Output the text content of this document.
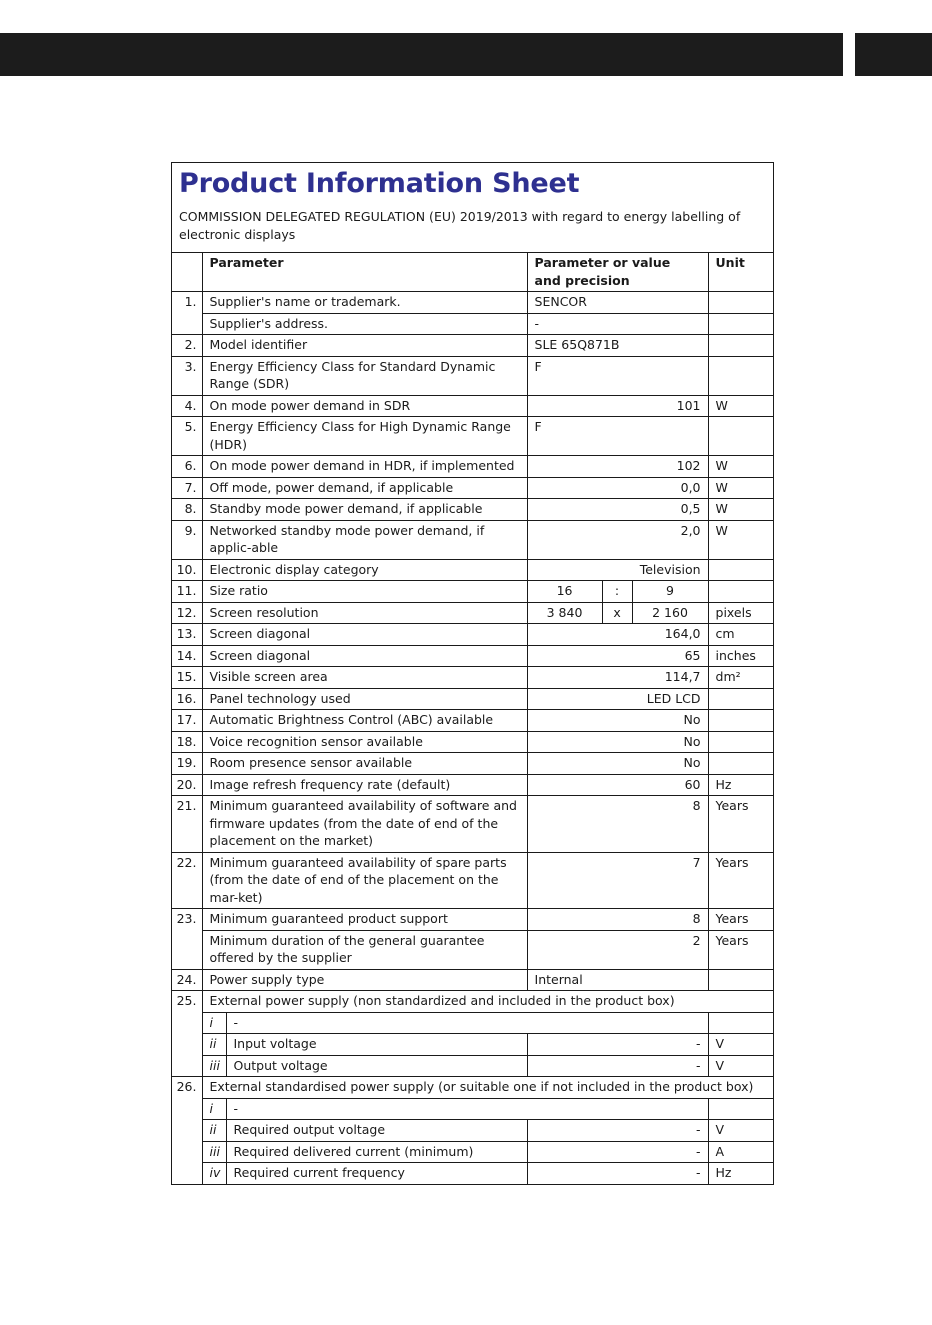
Product Information Sheet
COMMISSION DELEGATED REGULATION (EU) 2019/2013 with regard to energy labelling of electronic displays
	Parameter		Parameter or value and precision			Unit
1.	Supplier's name or trademark.		SENCOR			
	Supplier's address.		-			
2.	Model identifier		SLE 65Q871B			
3.	Energy Efficiency Class for Standard Dynamic Range (SDR)		F			
4.	On mode power demand in SDR		101			W
5.	Energy Efficiency Class for High Dynamic Range (HDR)		F			
6.	On mode power demand in HDR, if implemented		102			W
7.	Off mode, power demand, if applicable		0,0			W
8.	Standby mode power demand, if applicable		0,5			W
9.	Networked standby mode power demand, if applic-able		2,0			W
10.	Electronic display category		Television			
11.	Size ratio		16	:	9	
12.	Screen resolution		3 840	x	2 160	pixels
13.	Screen diagonal		164,0			cm
14.	Screen diagonal		65			inches
15.	Visible screen area		114,7			dm²
16.	Panel technology used		LED LCD			
17.	Automatic Brightness Control (ABC) available		No			
18.	Voice recognition sensor available		No			
19.	Room presence sensor available		No			
20.	Image refresh frequency rate (default)		60			Hz
21.	Minimum guaranteed availability of software and firmware updates (from the date of end of the placement on the market)		8			Years
22.	Minimum guaranteed availability of spare parts (from the date of end of the placement on the mar-ket)		7			Years
23.	Minimum guaranteed product support		8			Years
	Minimum duration of the general guarantee offered by the supplier		2			Years
24.	Power supply type		Internal			
25.	External power supply (non standardized and included in the product box)					
	i	-				
	ii	Input voltage	-			V
	iii	Output voltage	-			V
26.	External standardised power supply (or suitable one if not included in the product box)					
	i	-				
	ii	Required output voltage	-			V
	iii	Required delivered current (minimum)	-			A
	iv	Required current frequency	-			Hz
